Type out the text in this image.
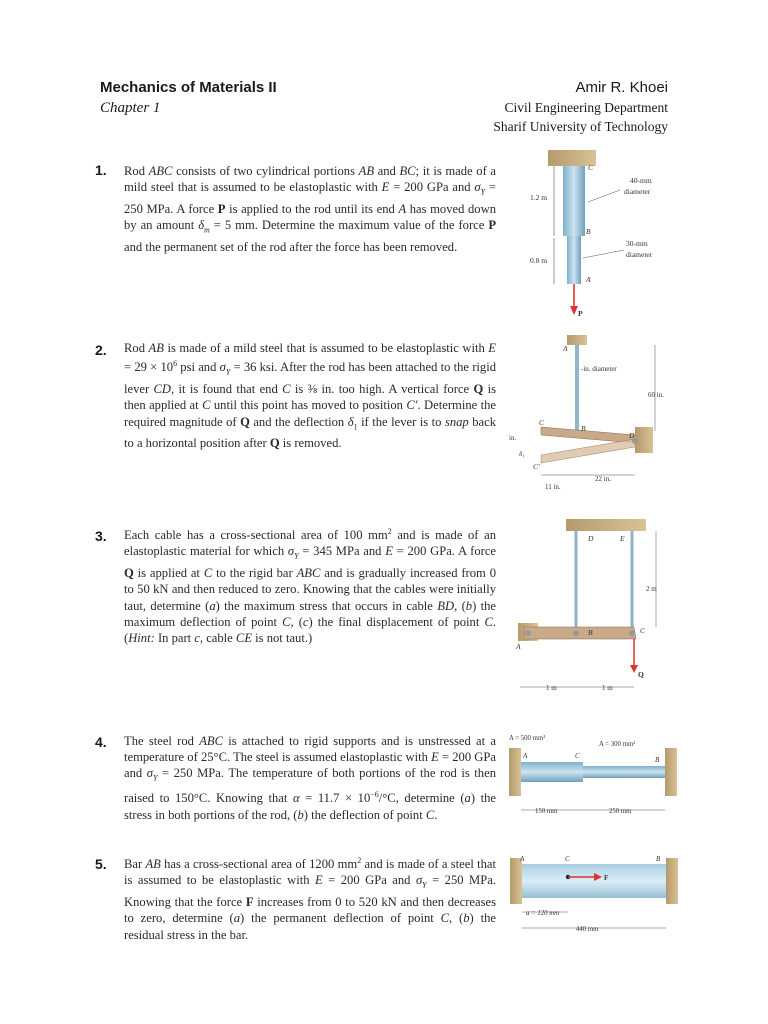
Mechanics of Materials II
Chapter 1
Amir R. Khoei
Civil Engineering Department
Sharif University of Technology
1. Rod ABC consists of two cylindrical portions AB and BC; it is made of a mild steel that is assumed to be elastoplastic with E = 200 GPa and $\sigma_Y = 250$ MPa. A force P is applied to the rod until its end A has moved down by an amount $\delta_m = 5$ mm. Determine the maximum value of the force P and the permanent set of the rod after the force has been removed.
1.2 m
0.8 m
C
B
A
P
40-mm
diameter
30-mm
diameter
2. Rod AB is made of a mild steel that is assumed to be elastoplastic with $E = 29 \times 10^6$ psi and $\sigma_Y = 36$ ksi. After the rod has been attached to the rigid lever CD, it is found that end C is ⅜ in. too high. A vertical force Q is then applied at C until this point has moved to position C′. Determine the required magnitude of Q and the deflection $\delta_1$ if the lever is to snap back to a horizontal position after Q is removed.
A
B
C
D
C′
-in. diameter
60 in.
in.
δ₁
11 in.
22 in.
3. Each cable has a cross-sectional area of 100 $mm^2$ and is made of an elastoplastic material for which $\sigma_Y = 345$ MPa and E = 200 GPa. A force Q is applied at C to the rigid bar ABC and is gradually increased from 0 to 50 kN and then reduced to zero. Knowing that the cables were initially taut, determine (a) the maximum stress that occurs in cable BD, (b) the maximum deflection of point C, (c) the final displacement of point C. (Hint: In part c, cable CE is not taut.)
D	E
A
B	C
Q
2 m
1 m	1 m
4. The steel rod ABC is attached to rigid supports and is unstressed at a temperature of 25°C. The steel is assumed elastoplastic with E = 200 GPa and $\sigma_Y = 250$ MPa. The temperature of both portions of the rod is then raised to 150°C. Knowing that $\alpha = 11.7 \times 10^{-6}/^\circ C$, determine (a) the stress in both portions of the rod, (b) the deflection of point C.
A = 500 mm²
A = 300 mm²
A	C	B
150 mm	250 mm
5. Bar AB has a cross-sectional area of 1200 $mm^2$ and is made of a steel that is assumed to be elastoplastic with E = 200 GPa and $\sigma_Y = 250$ MPa. Knowing that the force F increases from 0 to 520 kN and then decreases to zero, determine (a) the permanent deflection of point C, (b) the residual stress in the bar.
A	C	B
F
a = 120 mm
440 mm
